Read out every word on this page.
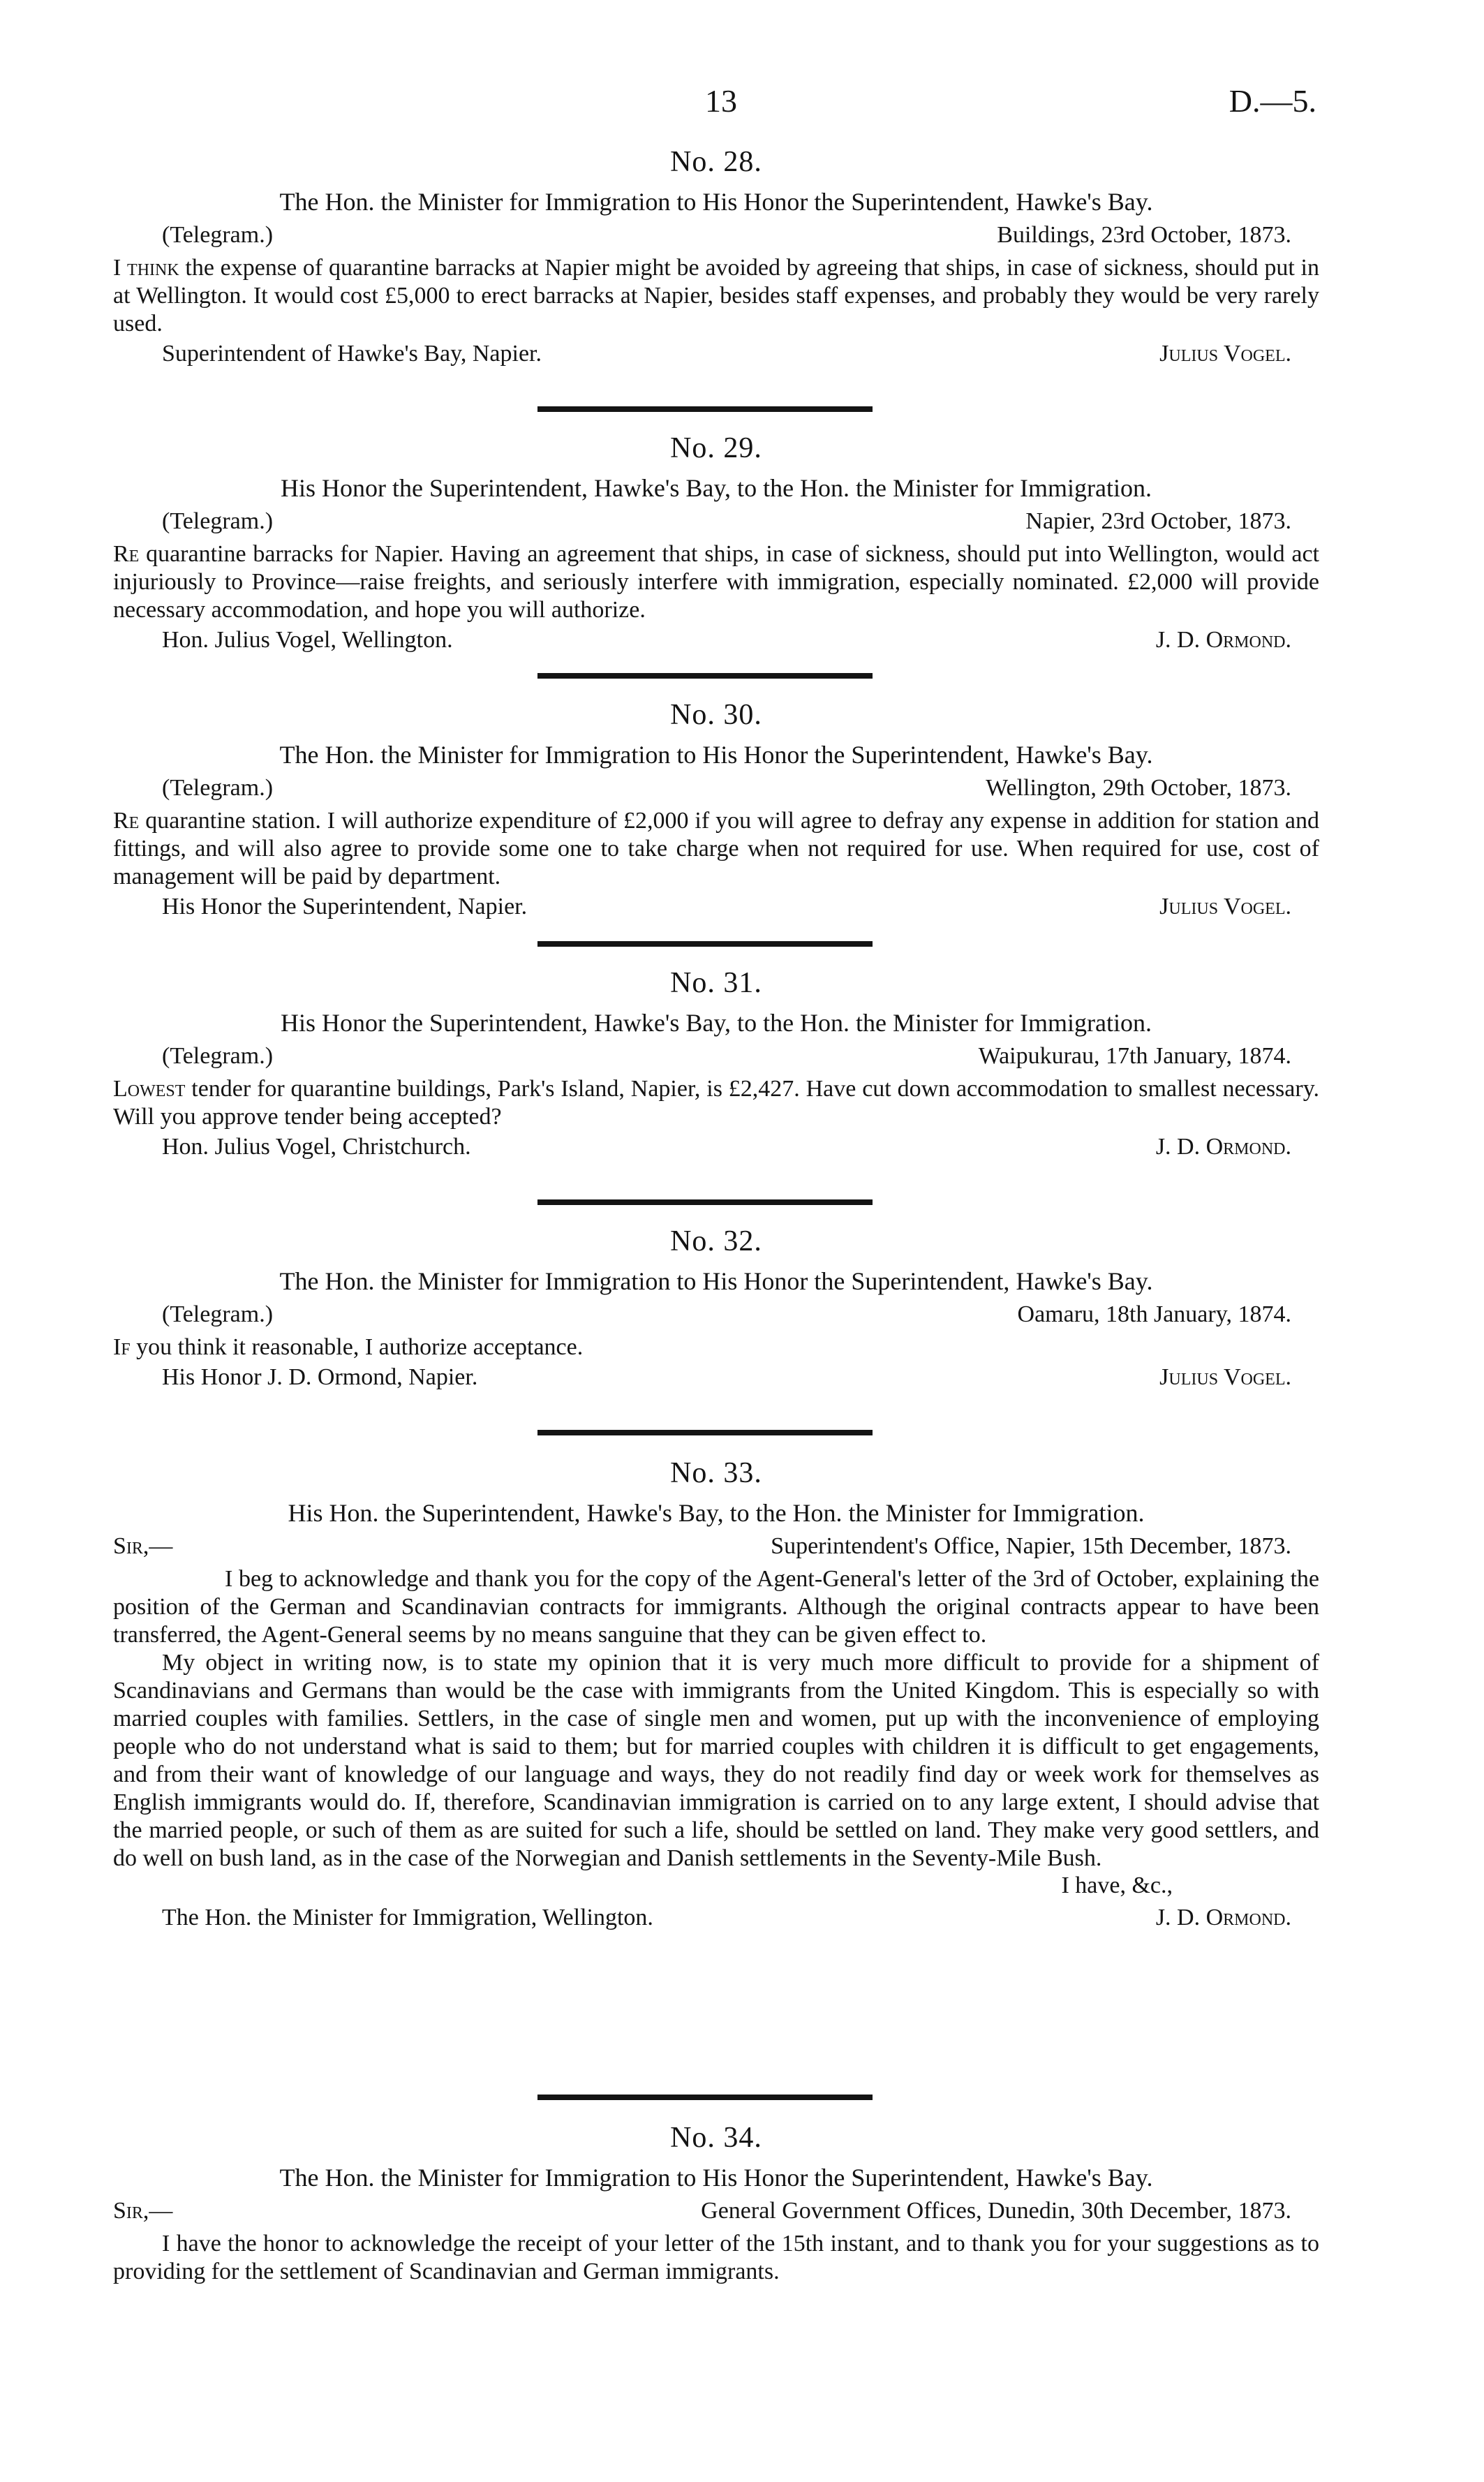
13	D.—5.
No. 28.
The Hon. the Minister for Immigration to His Honor the Superintendent, Hawke's Bay.
(Telegram.)	Buildings, 23rd October, 1873.

I think the expense of quarantine barracks at Napier might be avoided by agreeing that ships, in case of sickness, should put in at Wellington. It would cost £5,000 to erect barracks at Napier, besides staff expenses, and probably they would be very rarely used.

Superintendent of Hawke's Bay, Napier.	Julius Vogel.
No. 29.
His Honor the Superintendent, Hawke's Bay, to the Hon. the Minister for Immigration.
(Telegram.)	Napier, 23rd October, 1873.

Re quarantine barracks for Napier. Having an agreement that ships, in case of sickness, should put into Wellington, would act injuriously to Province—raise freights, and seriously interfere with immigration, especially nominated. £2,000 will provide necessary accommodation, and hope you will authorize.

Hon. Julius Vogel, Wellington.	J. D. Ormond.
No. 30.
The Hon. the Minister for Immigration to His Honor the Superintendent, Hawke's Bay.
(Telegram.)	Wellington, 29th October, 1873.

Re quarantine station. I will authorize expenditure of £2,000 if you will agree to defray any expense in addition for station and fittings, and will also agree to provide some one to take charge when not required for use. When required for use, cost of management will be paid by department.

His Honor the Superintendent, Napier.	Julius Vogel.
No. 31.
His Honor the Superintendent, Hawke's Bay, to the Hon. the Minister for Immigration.
(Telegram.)	Waipukurau, 17th January, 1874.

Lowest tender for quarantine buildings, Park's Island, Napier, is £2,427. Have cut down accommodation to smallest necessary. Will you approve tender being accepted?

Hon. Julius Vogel, Christchurch.	J. D. Ormond.
No. 32.
The Hon. the Minister for Immigration to His Honor the Superintendent, Hawke's Bay.
(Telegram.)	Oamaru, 18th January, 1874.

If you think it reasonable, I authorize acceptance.

His Honor J. D. Ormond, Napier.	Julius Vogel.
No. 33.
His Hon. the Superintendent, Hawke's Bay, to the Hon. the Minister for Immigration.
Sir,—	Superintendent's Office, Napier, 15th December, 1873.

I beg to acknowledge and thank you for the copy of the Agent-General's letter of the 3rd of October, explaining the position of the German and Scandinavian contracts for immigrants. Although the original contracts appear to have been transferred, the Agent-General seems by no means sanguine that they can be given effect to.

My object in writing now, is to state my opinion that it is very much more difficult to provide for a shipment of Scandinavians and Germans than would be the case with immigrants from the United Kingdom. This is especially so with married couples with families. Settlers, in the case of single men and women, put up with the inconvenience of employing people who do not understand what is said to them; but for married couples with children it is difficult to get engagements, and from their want of knowledge of our language and ways, they do not readily find day or week work for themselves as English immigrants would do. If, therefore, Scandinavian immigration is carried on to any large extent, I should advise that the married people, or such of them as are suited for such a life, should be settled on land. They make very good settlers, and do well on bush land, as in the case of the Norwegian and Danish settlements in the Seventy-Mile Bush.

I have, &c.,
The Hon. the Minister for Immigration, Wellington.	J. D. Ormond.
No. 34.
The Hon. the Minister for Immigration to His Honor the Superintendent, Hawke's Bay.
Sir,—	General Government Offices, Dunedin, 30th December, 1873.

I have the honor to acknowledge the receipt of your letter of the 15th instant, and to thank you for your suggestions as to providing for the settlement of Scandinavian and German immigrants.
